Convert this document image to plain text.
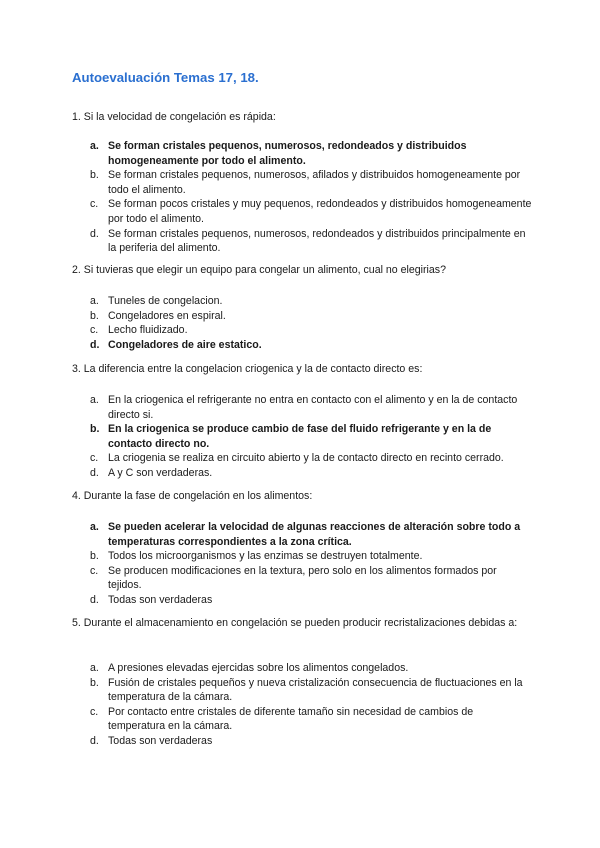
Autoevaluación Temas 17, 18.

1. Si la velocidad de congelación es rápida:

a. Se forman cristales pequenos, numerosos, redondeados y distribuidos homogeneamente por todo el alimento.
b. Se forman cristales pequenos, numerosos, afilados y distribuidos homogeneamente por todo el alimento.
c. Se forman pocos cristales y muy pequenos, redondeados y distribuidos homogeneamente por todo el alimento.
d. Se forman cristales pequenos, numerosos, redondeados y distribuidos principalmente en la periferia del alimento.

2. Si tuvieras que elegir un equipo para congelar un alimento, cual no elegirias?

a. Tuneles de congelacion.
b. Congeladores en espiral.
c. Lecho fluidizado.
d. Congeladores de aire estatico.

3. La diferencia entre la congelacion criogenica y la de contacto directo es:

a. En la criogenica el refrigerante no entra en contacto con el alimento y en la de contacto directo si.
b. En la criogenica se produce cambio de fase del fluido refrigerante y en la de contacto directo no.
c. La criogenia se realiza en circuito abierto y la de contacto directo en recinto cerrado.
d. A y C son verdaderas.

4. Durante la fase de congelación en los alimentos:

a. Se pueden acelerar la velocidad de algunas reacciones de alteración sobre todo a temperaturas correspondientes a la zona crítica.
b. Todos los microorganismos y las enzimas se destruyen totalmente.
c. Se producen modificaciones en la textura, pero solo en los alimentos formados por tejidos.
d. Todas son verdaderas

5. Durante el almacenamiento en congelación se pueden producir recristalizaciones debidas a:

a. A presiones elevadas ejercidas sobre los alimentos congelados.
b. Fusión de cristales pequeños y nueva cristalización consecuencia de fluctuaciones en la temperatura de la cámara.
c. Por contacto entre cristales de diferente tamaño sin necesidad de cambios de temperatura en la cámara.
d. Todas son verdaderas
